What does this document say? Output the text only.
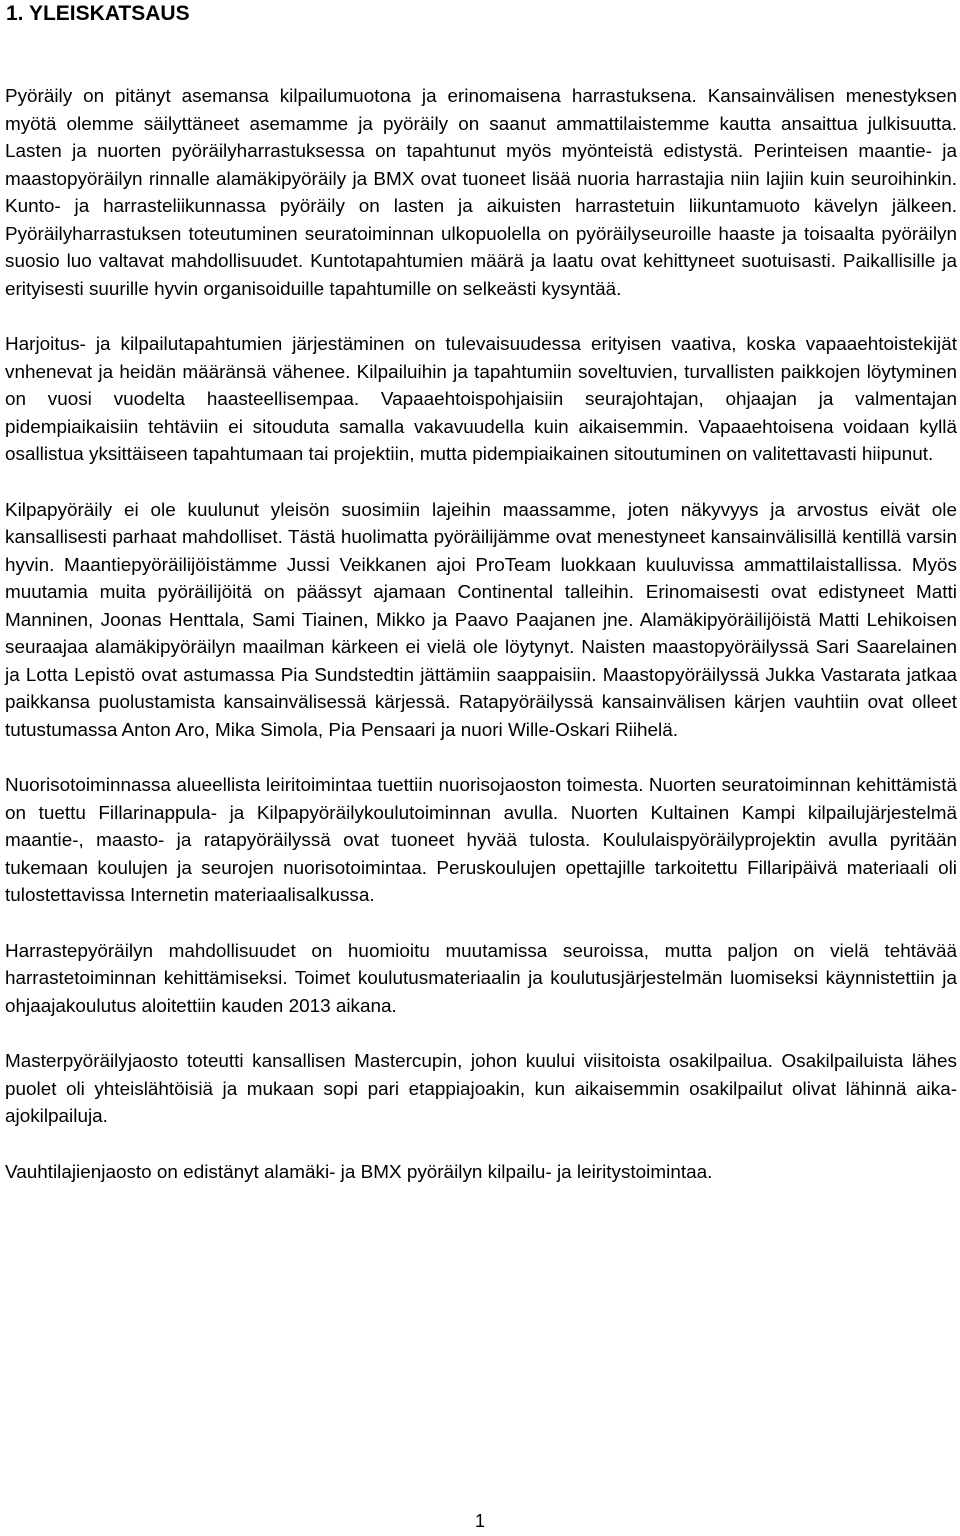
1. YLEISKATSAUS

Pyöräily on pitänyt asemansa kilpailumuotona ja erinomaisena harrastuksena. Kansainvälisen menestyksen myötä olemme säilyttäneet asemamme ja pyöräily on saanut ammattilaistemme kautta ansaittua julkisuutta. Lasten ja nuorten pyöräilyharrastuksessa on tapahtunut myös myönteistä edistystä. Perinteisen maantie- ja maastopyöräilyn rinnalle alamäkipyöräily ja BMX ovat tuoneet lisää nuoria harrastajia niin lajiin kuin seuroihinkin. Kunto- ja harrasteliikunnassa pyöräily on lasten ja aikuisten harrastetuin liikuntamuoto kävelyn jälkeen. Pyöräilyharrastuksen toteutuminen seuratoiminnan ulkopuolella on pyöräilyseuroille haaste ja toisaalta pyöräilyn suosio luo valtavat mahdollisuudet. Kuntotapahtumien määrä ja laatu ovat kehittyneet suotuisasti. Paikallisille ja erityisesti suurille hyvin organisoiduille tapahtumille on selkeästi kysyntää.

Harjoitus- ja kilpailutapahtumien järjestäminen on tulevaisuudessa erityisen vaativa, koska vapaaehtoistekijät vnhenevat ja heidän määränsä vähenee. Kilpailuihin ja tapahtumiin soveltuvien, turvallisten paikkojen löytyminen on vuosi vuodelta haasteellisempaa. Vapaaehtoispohjaisiin seurajohtajan, ohjaajan ja valmentajan pidempiaikaisiin tehtäviin ei sitouduta samalla vakavuudella kuin aikaisemmin. Vapaaehtoisena voidaan kyllä osallistua yksittäiseen tapahtumaan tai projektiin, mutta pidempiaikainen sitoutuminen on valitettavasti hiipunut.

Kilpapyöräily ei ole kuulunut yleisön suosimiin lajeihin maassamme, joten näkyvyys ja arvostus eivät ole kansallisesti parhaat mahdolliset. Tästä huolimatta pyöräilijämme ovat menestyneet kansainvälisillä kentillä varsin hyvin. Maantiepyöräilijöistämme Jussi Veikkanen ajoi ProTeam luokkaan kuuluvissa ammattilaistallissa. Myös muutamia muita pyöräilijöitä on päässyt ajamaan Continental talleihin. Erinomaisesti ovat edistyneet Matti Manninen, Joonas Henttala, Sami Tiainen, Mikko ja Paavo Paajanen jne. Alamäkipyöräilijöistä Matti Lehikoisen seuraajaa alamäkipyöräilyn maailman kärkeen ei vielä ole löytynyt. Naisten maastopyöräilyssä Sari Saarelainen ja Lotta Lepistö ovat astumassa Pia Sundstedtin jättämiin saappaisiin. Maastopyöräilyssä Jukka Vastarata jatkaa paikkansa puolustamista kansainvälisessä kärjessä. Ratapyöräilyssä kansainvälisen kärjen vauhtiin ovat olleet tutustumassa Anton Aro, Mika Simola, Pia Pensaari ja nuori Wille-Oskari Riihelä.

Nuorisotoiminnassa alueellista leiritoimintaa tuettiin nuorisojaoston toimesta. Nuorten seuratoiminnan kehittämistä on tuettu Fillarinappula- ja Kilpapyöräilykoulutoiminnan avulla. Nuorten Kultainen Kampi kilpailujärjestelmä maantie-, maasto- ja ratapyöräilyssä ovat tuoneet hyvää tulosta. Koululaispyöräilyprojektin avulla pyritään tukemaan koulujen ja seurojen nuorisotoimintaa. Peruskoulujen opettajille tarkoitettu Fillaripäivä materiaali oli tulostettavissa Internetin materiaalisalkussa.

Harrastepyöräilyn mahdollisuudet on huomioitu muutamissa seuroissa, mutta paljon on vielä tehtävää harrastetoiminnan kehittämiseksi. Toimet koulutusmateriaalin ja koulutusjärjestelmän luomiseksi käynnistettiin ja ohjaajakoulutus aloitettiin kauden 2013 aikana.

Masterpyöräilyjaosto toteutti kansallisen Mastercupin, johon kuului viisitoista osakilpailua. Osakilpailuista lähes puolet oli yhteislähtöisiä ja mukaan sopi pari etappiajoakin, kun aikaisemmin osakilpailut olivat lähinnä aika-ajokilpailuja.

Vauhtilajienjaosto on edistänyt alamäki- ja BMX pyöräilyn kilpailu- ja leiritystoimintaa.

1
